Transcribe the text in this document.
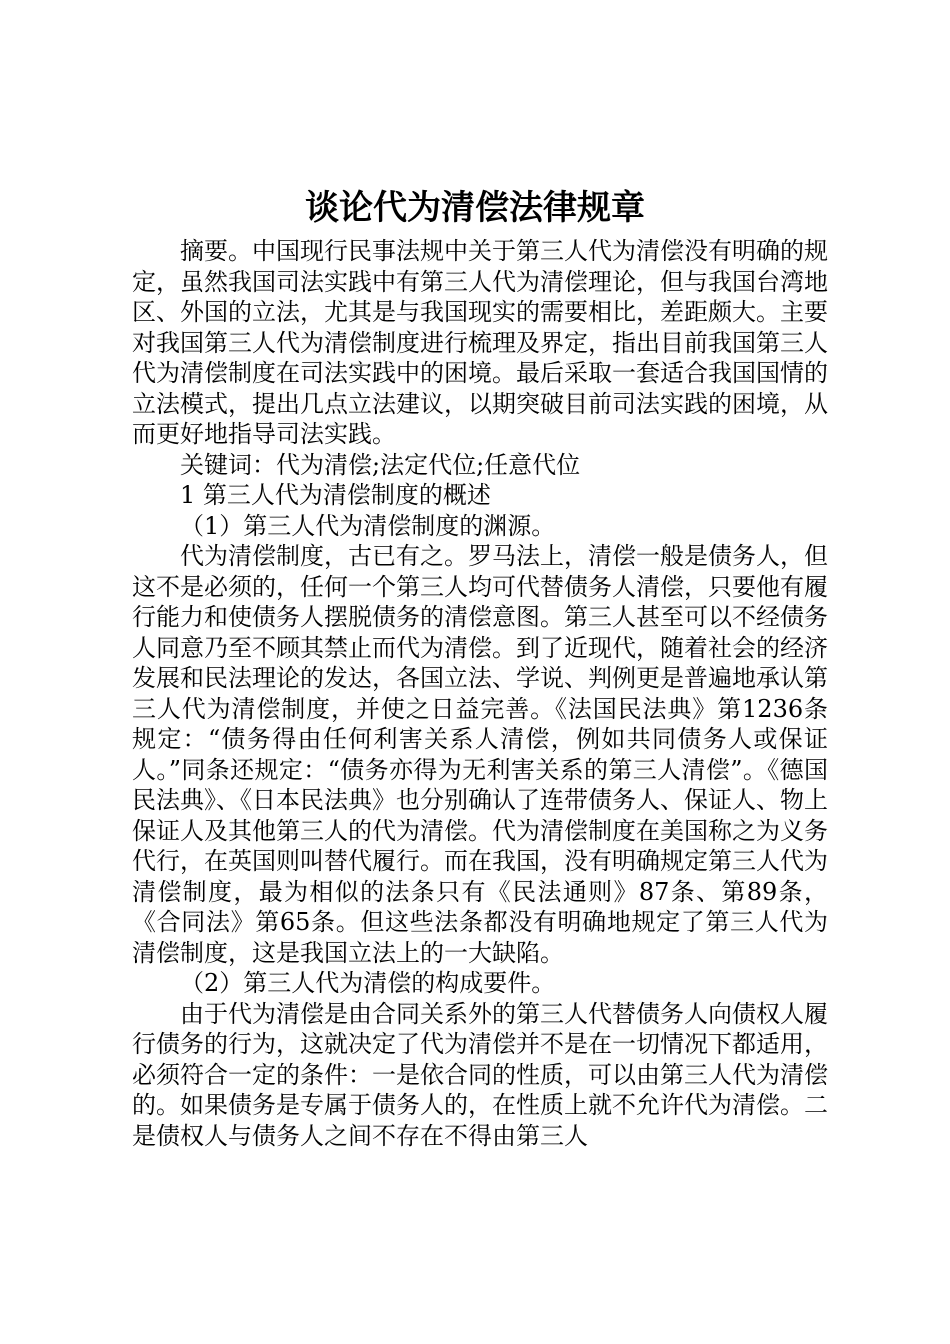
谈论代为清偿法律规章

摘要。中国现行民事法规中关于第三人代为清偿没有明确的规定，虽然我国司法实践中有第三人代为清偿理论，但与我国台湾地区、外国的立法，尤其是与我国现实的需要相比，差距颇大。主要对我国第三人代为清偿制度进行梳理及界定，指出目前我国第三人代为清偿制度在司法实践中的困境。最后采取一套适合我国国情的立法模式，提出几点立法建议，以期突破目前司法实践的困境，从而更好地指导司法实践。

关键词：代为清偿;法定代位;任意代位

1 第三人代为清偿制度的概述

（1）第三人代为清偿制度的渊源。

代为清偿制度，古已有之。罗马法上，清偿一般是债务人，但这不是必须的，任何一个第三人均可代替债务人清偿，只要他有履行能力和使债务人摆脱债务的清偿意图。第三人甚至可以不经债务人同意乃至不顾其禁止而代为清偿。到了近现代，随着社会的经济发展和民法理论的发达，各国立法、学说、判例更是普遍地承认第三人代为清偿制度，并使之日益完善。《法国民法典》第1236条规定：“债务得由任何利害关系人清偿，例如共同债务人或保证人。”同条还规定：“债务亦得为无利害关系的第三人清偿”。《德国民法典》、《日本民法典》也分别确认了连带债务人、保证人、物上保证人及其他第三人的代为清偿。代为清偿制度在美国称之为义务代行，在英国则叫替代履行。而在我国，没有明确规定第三人代为清偿制度，最为相似的法条只有《民法通则》87条、第89条，《合同法》第65条。但这些法条都没有明确地规定了第三人代为清偿制度，这是我国立法上的一大缺陷。

（2）第三人代为清偿的构成要件。

由于代为清偿是由合同关系外的第三人代替债务人向债权人履行债务的行为，这就决定了代为清偿并不是在一切情况下都适用，必须符合一定的条件：一是依合同的性质，可以由第三人代为清偿的。如果债务是专属于债务人的，在性质上就不允许代为清偿。二是债权人与债务人之间不存在不得由第三人
